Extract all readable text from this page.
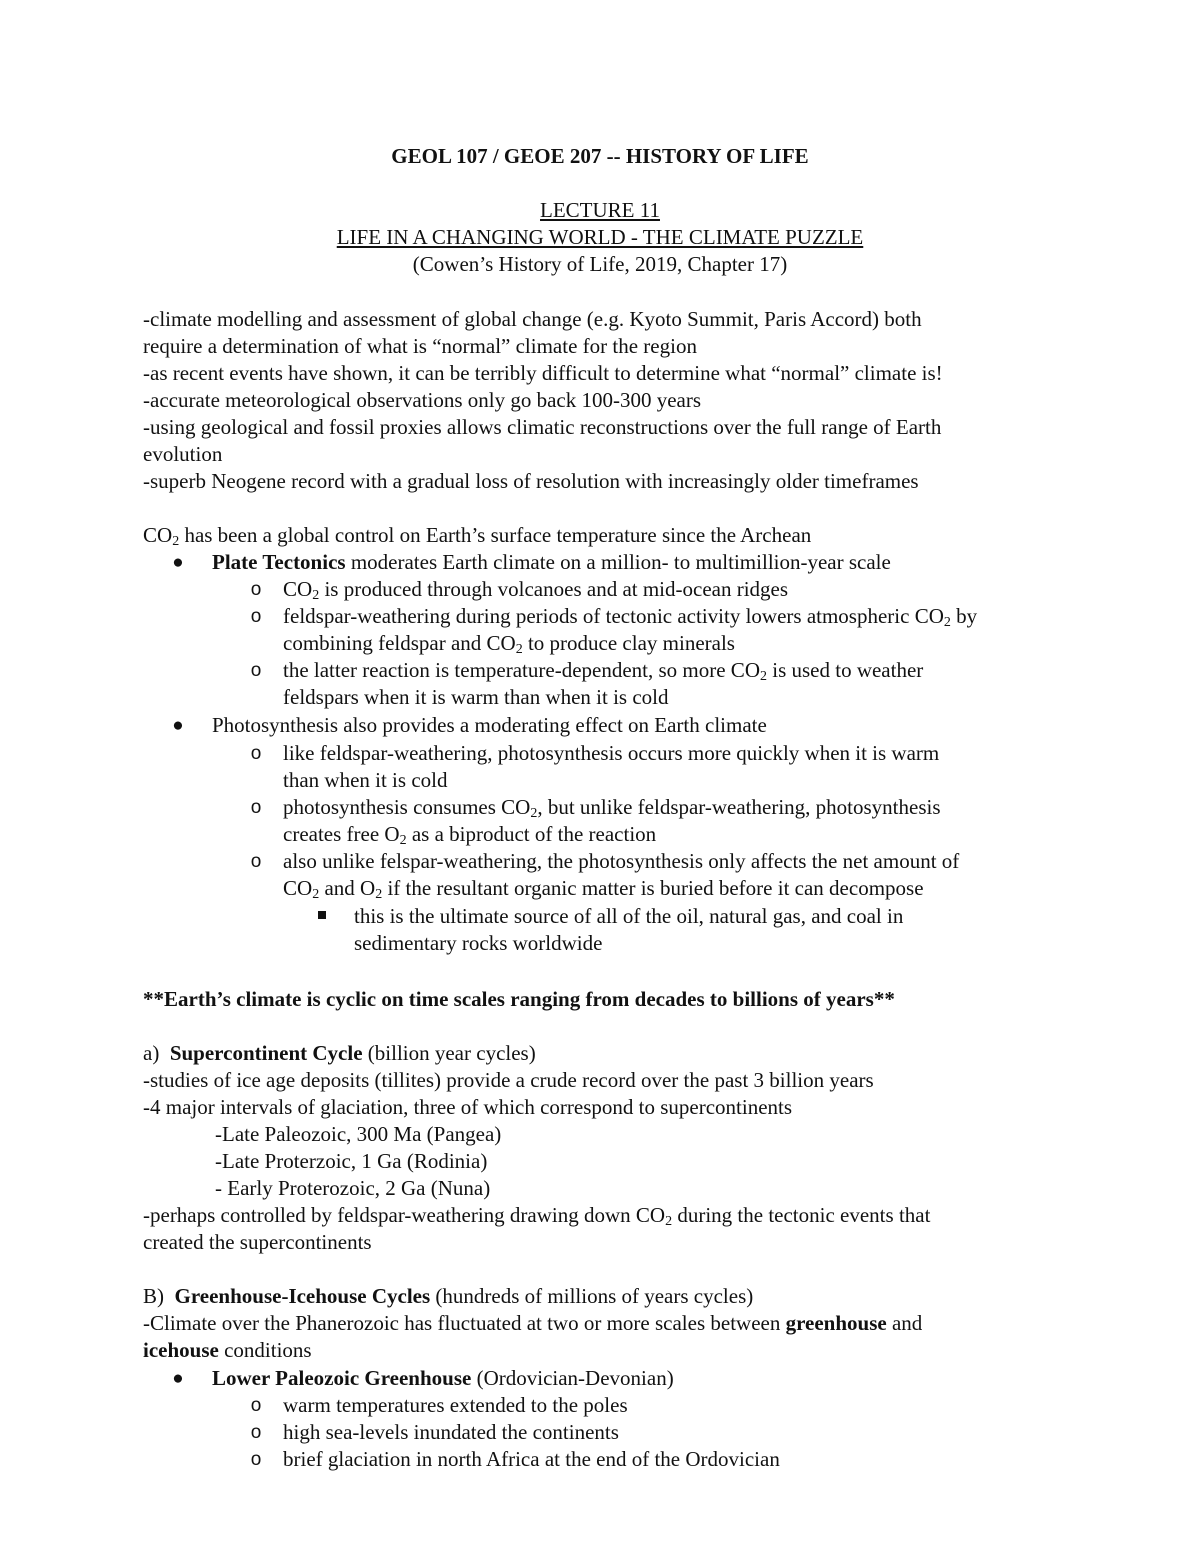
GEOL 107 / GEOE 207 -- HISTORY OF LIFE
LECTURE 11
LIFE IN A CHANGING WORLD - THE CLIMATE PUZZLE
(Cowen’s History of Life, 2019, Chapter 17)
-climate modelling and assessment of global change (e.g. Kyoto Summit, Paris Accord) both
require a determination of what is “normal” climate for the region
-as recent events have shown, it can be terribly difficult to determine what “normal” climate is!
-accurate meteorological observations only go back 100-300 years
-using geological and fossil proxies allows climatic reconstructions over the full range of Earth
evolution
-superb Neogene record with a gradual loss of resolution with increasingly older timeframes
$CO_2$ has been a global control on Earth’s surface temperature since the Archean
● Plate Tectonics moderates Earth climate on a million- to multimillion-year scale
o $CO_2$ is produced through volcanoes and at mid-ocean ridges
o feldspar-weathering during periods of tectonic activity lowers atmospheric $CO_2$ by
combining feldspar and $CO_2$ to produce clay minerals
o the latter reaction is temperature-dependent, so more $CO_2$ is used to weather
feldspars when it is warm than when it is cold
● Photosynthesis also provides a moderating effect on Earth climate
o like feldspar-weathering, photosynthesis occurs more quickly when it is warm
than when it is cold
o photosynthesis consumes $CO_2$, but unlike feldspar-weathering, photosynthesis
creates free $O_2$ as a biproduct of the reaction
o also unlike felspar-weathering, the photosynthesis only affects the net amount of
$CO_2$ and $O_2$ if the resultant organic matter is buried before it can decompose
this is the ultimate source of all of the oil, natural gas, and coal in
sedimentary rocks worldwide
**Earth’s climate is cyclic on time scales ranging from decades to billions of years**
a)  Supercontinent Cycle (billion year cycles)
-studies of ice age deposits (tillites) provide a crude record over the past 3 billion years
-4 major intervals of glaciation, three of which correspond to supercontinents
-Late Paleozoic, 300 Ma (Pangea)
-Late Proterzoic, 1 Ga (Rodinia)
- Early Proterozoic, 2 Ga (Nuna)
-perhaps controlled by feldspar-weathering drawing down $CO_2$ during the tectonic events that
created the supercontinents
B)  Greenhouse-Icehouse Cycles (hundreds of millions of years cycles)
-Climate over the Phanerozoic has fluctuated at two or more scales between greenhouse and
icehouse conditions
● Lower Paleozoic Greenhouse (Ordovician-Devonian)
o warm temperatures extended to the poles
o high sea-levels inundated the continents
o brief glaciation in north Africa at the end of the Ordovician
